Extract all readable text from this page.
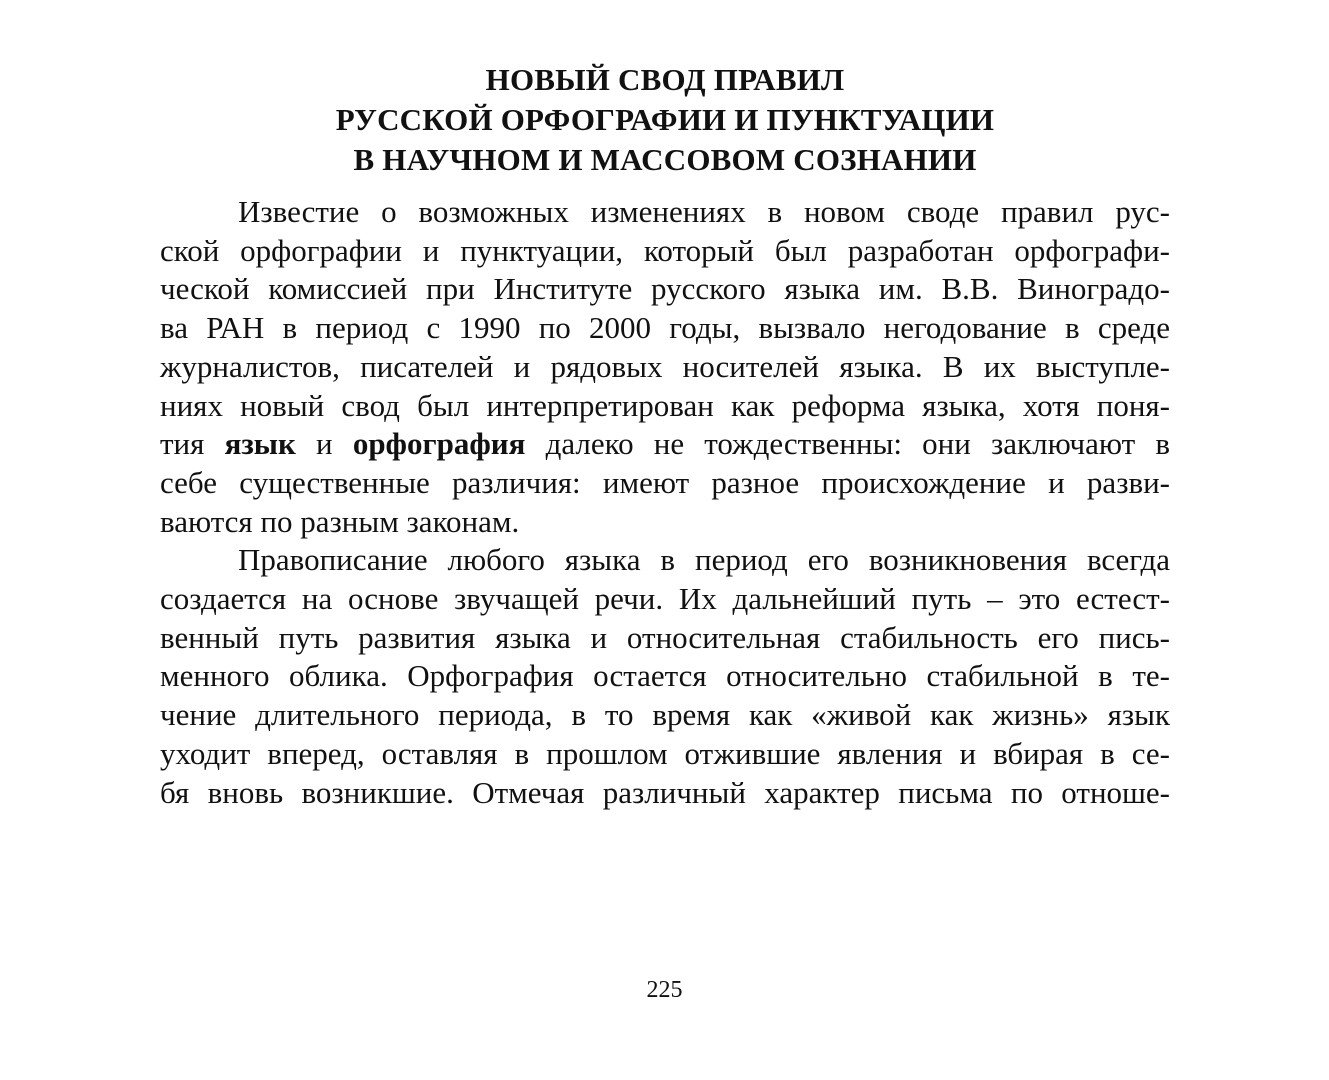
НОВЫЙ СВОД ПРАВИЛ
РУССКОЙ ОРФОГРАФИИ И ПУНКТУАЦИИ
В НАУЧНОМ И МАССОВОМ СОЗНАНИИ
Известие о возможных изменениях в новом своде правил рус-
ской орфографии и пунктуации, который был разработан орфографи-
ческой комиссией при Институте русского языка им. В.В. Виноградо-
ва РАН в период с 1990 по 2000 годы, вызвало негодование в среде
журналистов, писателей и рядовых носителей языка. В их выступле-
ниях новый свод был интерпретирован как реформа языка, хотя поня-
тия язык и орфография далеко не тождественны: они заключают в
себе существенные различия: имеют разное происхождение и разви-
ваются по разным законам.
Правописание любого языка в период его возникновения всегда
создается на основе звучащей речи. Их дальнейший путь – это естест-
венный путь развития языка и относительная стабильность его пись-
менного облика. Орфография остается относительно стабильной в те-
чение длительного периода, в то время как «живой как жизнь» язык
уходит вперед, оставляя в прошлом отжившие явления и вбирая в се-
бя вновь возникшие. Отмечая различный характер письма по отноше-
225
